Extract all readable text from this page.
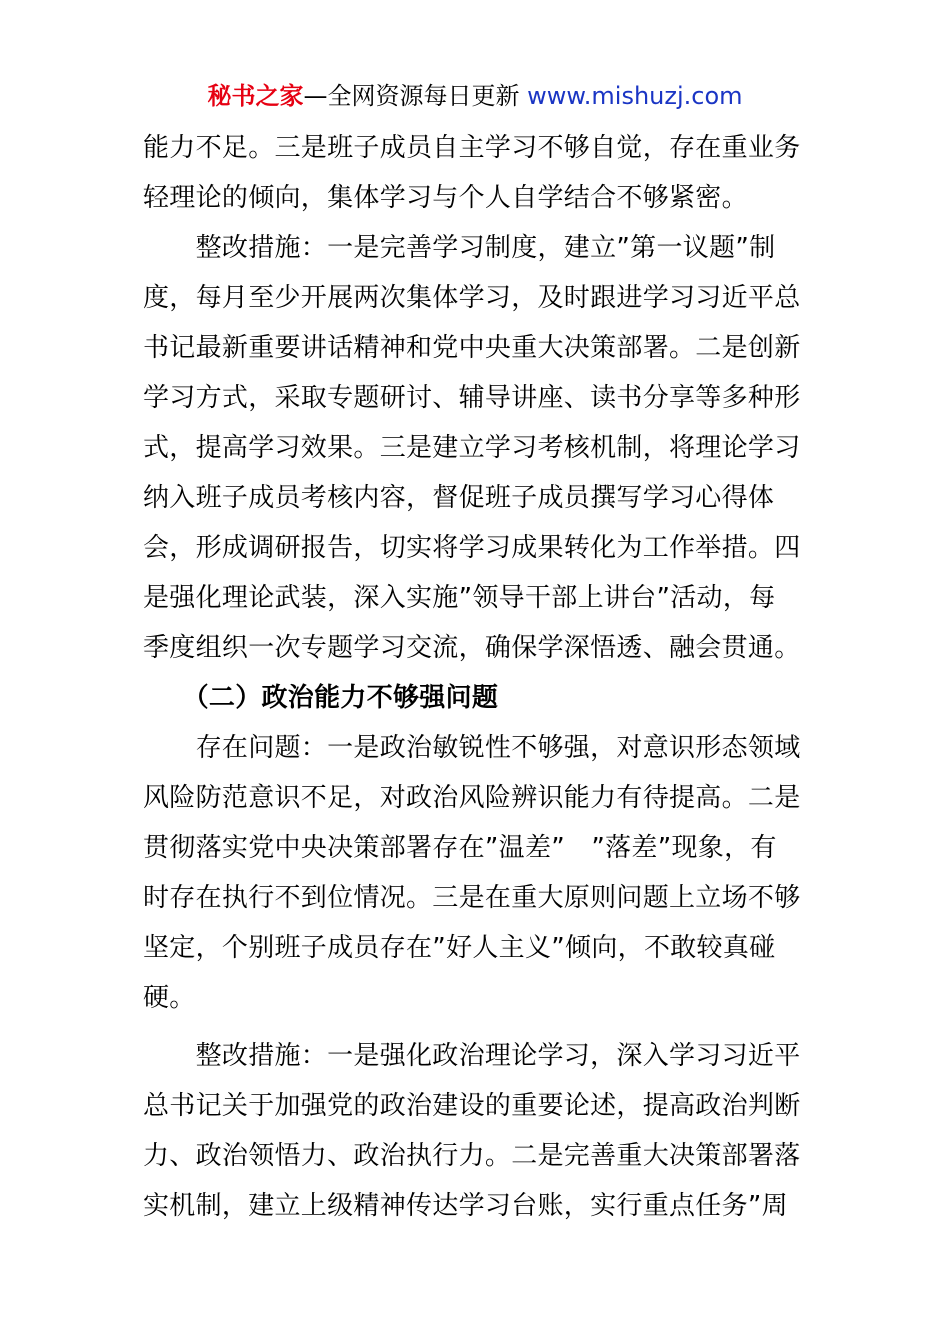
秘书之家—全网资源每日更新 www.mishuzj.com
能力不足。三是班子成员自主学习不够自觉，存在重业务
轻理论的倾向，集体学习与个人自学结合不够紧密。
　　整改措施：一是完善学习制度，建立”第一议题”制
度，每月至少开展两次集体学习，及时跟进学习习近平总
书记最新重要讲话精神和党中央重大决策部署。二是创新
学习方式，采取专题研讨、辅导讲座、读书分享等多种形
式，提高学习效果。三是建立学习考核机制，将理论学习
纳入班子成员考核内容，督促班子成员撰写学习心得体
会，形成调研报告，切实将学习成果转化为工作举措。四
是强化理论武装，深入实施”领导干部上讲台”活动，每
季度组织一次专题学习交流，确保学深悟透、融会贯通。
　　（二）政治能力不够强问题
　　存在问题：一是政治敏锐性不够强，对意识形态领域
风险防范意识不足，对政治风险辨识能力有待提高。二是
贯彻落实党中央决策部署存在”温差”　”落差”现象，有
时存在执行不到位情况。三是在重大原则问题上立场不够
坚定，个别班子成员存在”好人主义”倾向，不敢较真碰
硬。
　　整改措施：一是强化政治理论学习，深入学习习近平
总书记关于加强党的政治建设的重要论述，提高政治判断
力、政治领悟力、政治执行力。二是完善重大决策部署落
实机制，建立上级精神传达学习台账，实行重点任务”周
